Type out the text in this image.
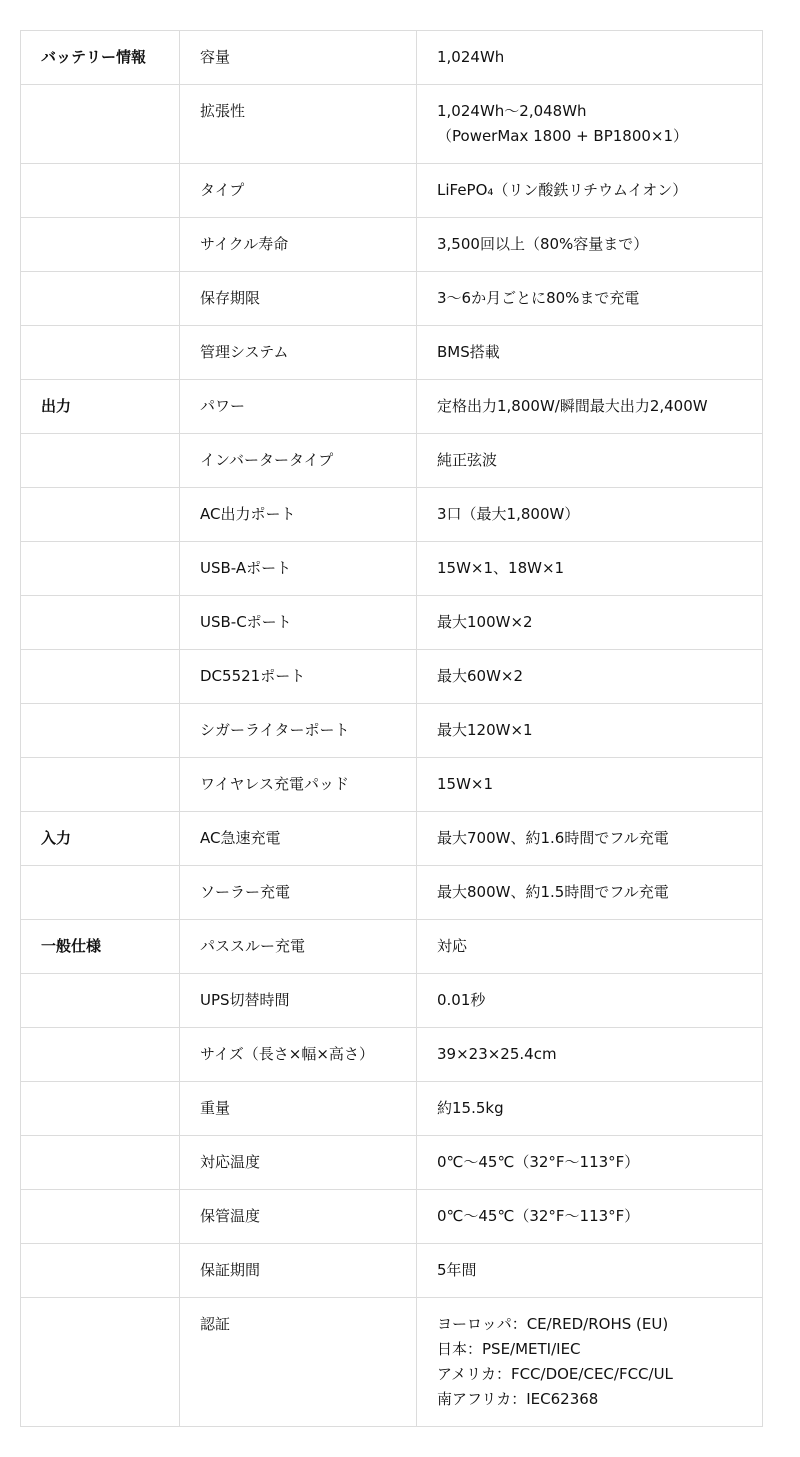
バッテリー情報	容量	1,024Wh

	拡張性	1,024Wh〜2,048Wh
（PowerMax 1800 + BP1800×1）

	タイプ	LiFePO₄（リン酸鉄リチウムイオン）

	サイクル寿命	3,500回以上（80%容量まで）

	保存期限	3〜6か月ごとに80%まで充電

	管理システム	BMS搭載

出力	パワー	定格出力1,800W/瞬間最大出力2,400W

	インバータータイプ	純正弦波

	AC出力ポート	3口（最大1,800W）

	USB-Aポート	15W×1、18W×1

	USB-Cポート	最大100W×2

	DC5521ポート	最大60W×2

	シガーライターポート	最大120W×1

	ワイヤレス充電パッド	15W×1

入力	AC急速充電	最大700W、約1.6時間でフル充電

	ソーラー充電	最大800W、約1.5時間でフル充電

一般仕様	パススルー充電	対応

	UPS切替時間	0.01秒

	サイズ（長さ×幅×高さ）	39×23×25.4cm

	重量	約15.5kg

	対応温度	0℃〜45℃（32°F〜113°F）

	保管温度	0℃〜45℃（32°F〜113°F）

	保証期間	5年間

	認証	ヨーロッパ：CE/RED/ROHS (EU)
日本：PSE/METI/IEC
アメリカ：FCC/DOE/CEC/FCC/UL
南アフリカ：IEC62368
